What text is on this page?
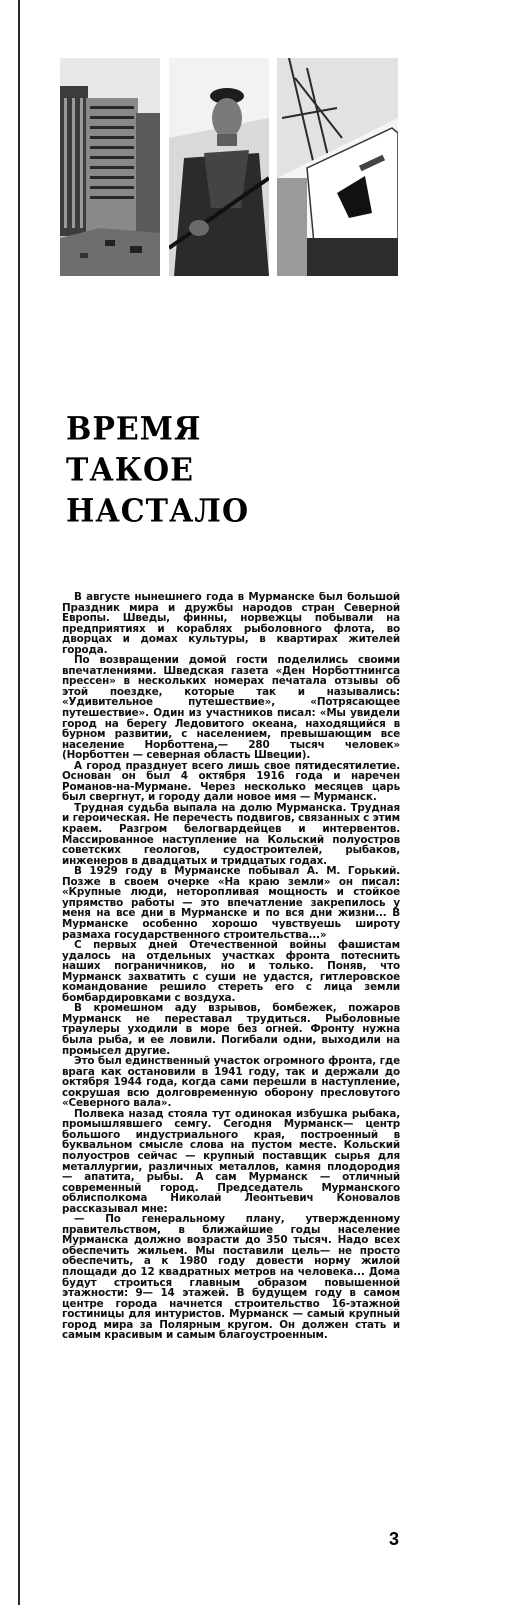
ВРЕМЯ
ТАКОЕ
НАСТАЛО

В августе нынешнего года в Мурманске был большой Праздник мира и дружбы народов стран Северной Европы. Шведы, финны, норвежцы побывали на предприятиях и кораблях рыболовного флота, во дворцах и домах культуры, в квартирах жителей города.

По возвращении домой гости поделились своими впечатлениями. Шведская газета «Ден Норботтнингса прессен» в нескольких номерах печатала отзывы об этой поездке, которые так и назывались: «Удивительное путешествие», «Потрясающее путешествие». Один из участников писал: «Мы увидели город на берегу Ледовитого океана, находящийся в бурном развитии, с населением, превышающим все население Норботтена,— 280 тысяч человек» (Норботтен — северная область Швеции).

А город празднует всего лишь свое пятидесятилетие. Основан он был 4 октября 1916 года и наречен Романов-на-Мурмане. Через несколько месяцев царь был свергнут, и городу дали новое имя — Мурманск.

Трудная судьба выпала на долю Мурманска. Трудная и героическая. Не перечесть подвигов, связанных с этим краем. Разгром белогвардейцев и интервентов. Массированное наступление на Кольский полуостров советских геологов, судостроителей, рыбаков, инженеров в двадцатых и тридцатых годах.

В 1929 году в Мурманске побывал А. М. Горький. Позже в своем очерке «На краю земли» он писал: «Крупные люди, неторопливая мощность и стойкое упрямство работы — это впечатление закрепилось у меня на все дни в Мурманске и по вся дни жизни... В Мурманске особенно хорошо чувствуешь широту размаха государственного строительства...»

С первых дней Отечественной войны фашистам удалось на отдельных участках фронта потеснить наших пограничников, но и только. Поняв, что Мурманск захватить с суши не удастся, гитлеровское командование решило стереть его с лица земли бомбардировками с воздуха.

В кромешном аду взрывов, бомбежек, пожаров Мурманск не переставал трудиться. Рыболовные траулеры уходили в море без огней. Фронту нужна была рыба, и ее ловили. Погибали одни, выходили на промысел другие.

Это был единственный участок огромного фронта, где врага как остановили в 1941 году, так и держали до октября 1944 года, когда сами перешли в наступление, сокрушая всю долговременную оборону пресловутого «Северного вала».

Полвека назад стояла тут одинокая избушка рыбака, промышлявшего семгу. Сегодня Мурманск— центр большого индустриального края, построенный в буквальном смысле слова на пустом месте. Кольский полуостров сейчас — крупный поставщик сырья для металлургии, различных металлов, камня плодородия — апатита, рыбы. А сам Мурманск — отличный современный город. Председатель Мурманского облисполкома Николай Леонтьевич Коновалов рассказывал мне:

— По генеральному плану, утвержденному правительством, в ближайшие годы население Мурманска должно возрасти до 350 тысяч. Надо всех обеспечить жильем. Мы поставили цель— не просто обеспечить, а к 1980 году довести норму жилой площади до 12 квадратных метров на человека... Дома будут строиться главным образом повышенной этажности: 9— 14 этажей. В будущем году в самом центре города начнется строительство 16-этажной гостиницы для интуристов. Мурманск — самый крупный город мира за Полярным кругом. Он должен стать и самым красивым и самым благоустроенным.

3
